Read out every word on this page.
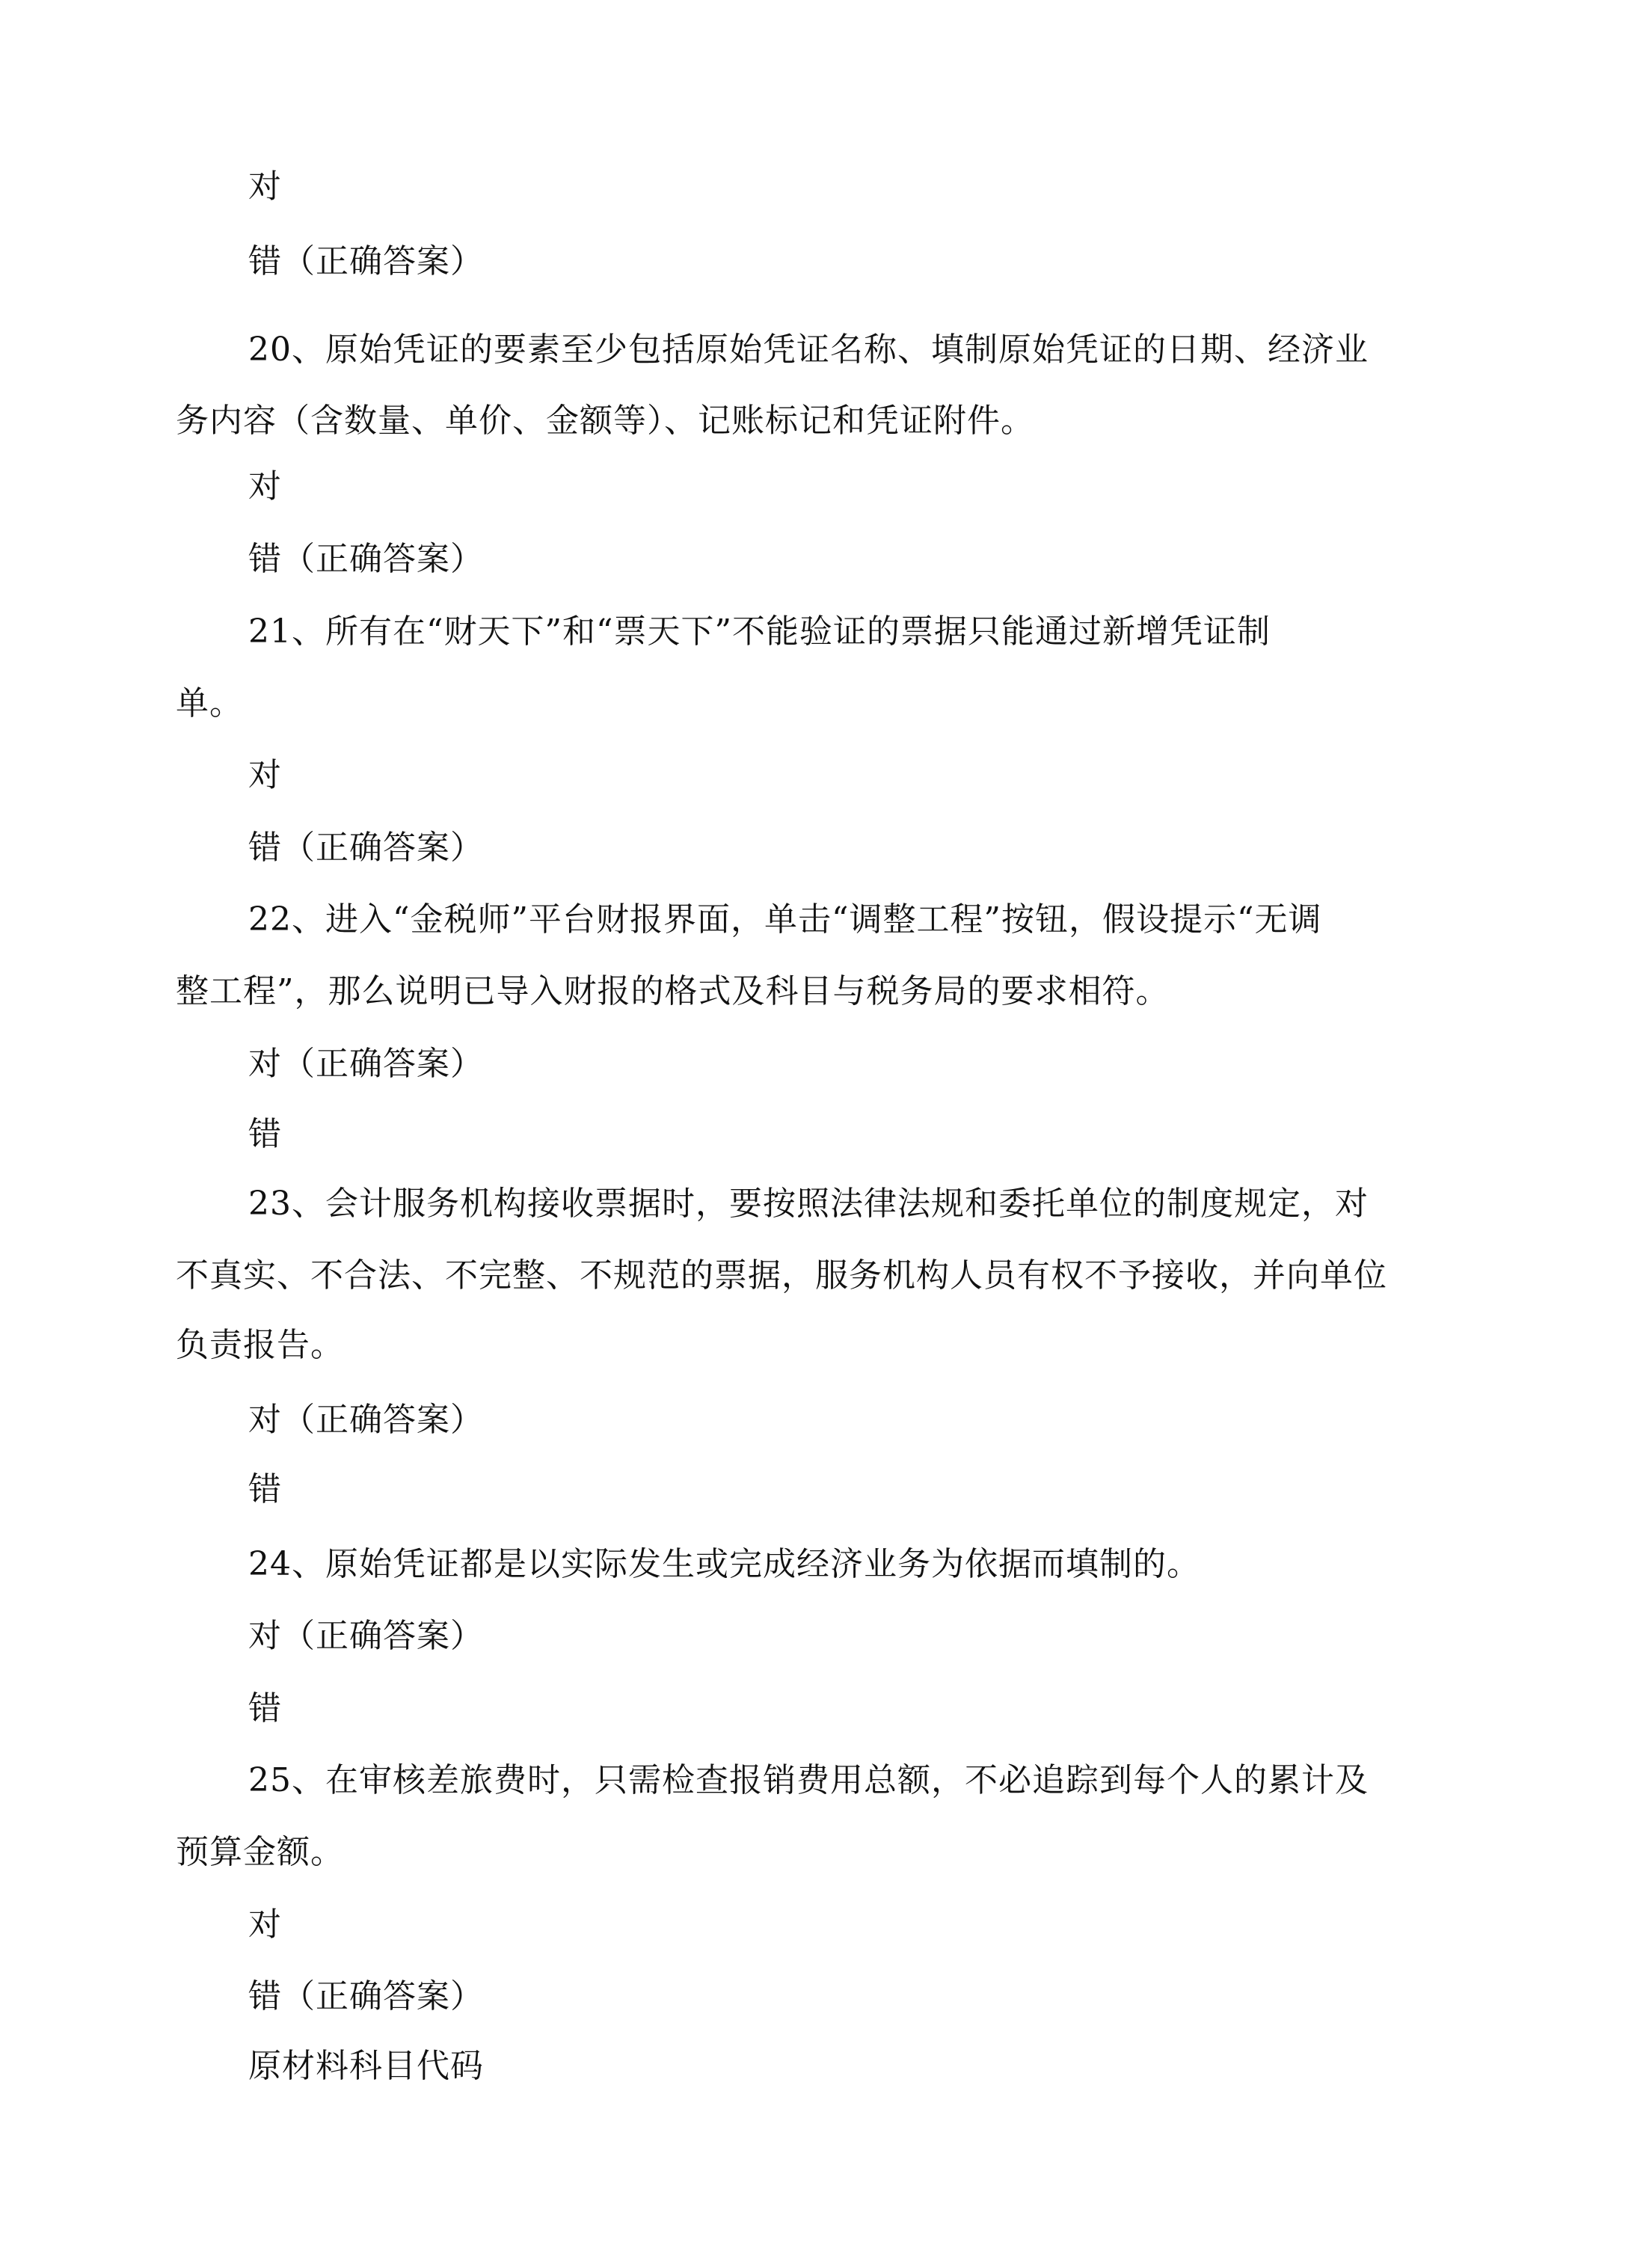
对
错（正确答案）
20、原始凭证的要素至少包括原始凭证名称、填制原始凭证的日期、经济业
务内容（含数量、单价、金额等）、记账标记和凭证附件。
对
错（正确答案）
21、所有在“财天下”和“票天下”不能验证的票据只能通过新增凭证制
单。
对
错（正确答案）
22、进入“金税师”平台财报界面，单击“调整工程”按钮，假设提示“无调
整工程”，那么说明已导入财报的格式及科目与税务局的要求相符。
对（正确答案）
错
23、会计服务机构接收票据时，要按照法律法规和委托单位的制度规定，对
不真实、不合法、不完整、不规范的票据，服务机构人员有权不予接收，并向单位
负责报告。
对（正确答案）
错
24、原始凭证都是以实际发生或完成经济业务为依据而填制的。
对（正确答案）
错
25、在审核差旅费时，只需检查报销费用总额，不必追踪到每个人的累计及
预算金额。
对
错（正确答案）
原材料科目代码
